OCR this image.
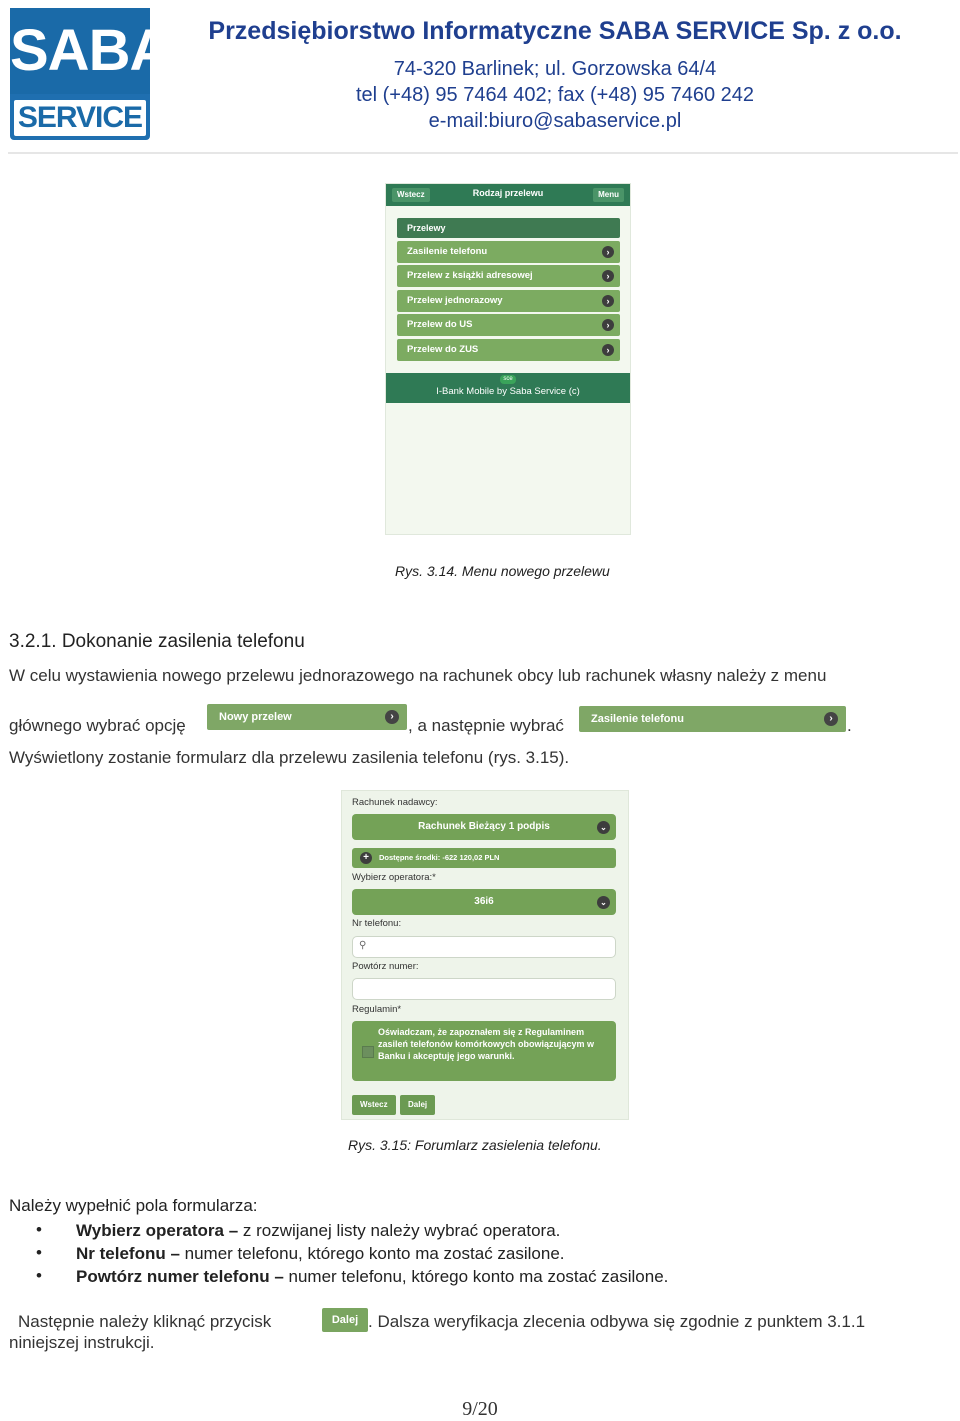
SABA
SERVICE
Przedsiębiorstwo Informatyczne SABA SERVICE Sp. z o.o.
74-320 Barlinek; ul. Gorzowska 64/4
tel (+48) 95 7464 402; fax (+48) 95 7460 242
e-mail:biuro@sabaservice.pl
Wstecz	Rodzaj przelewu	Menu
Przelewy
Zasilenie telefonu	›
Przelew z książki adresowej	›
Przelew jednorazowy	›
Przelew do US	›
Przelew do ZUS	›
sce
I-Bank Mobile by Saba Service (c)
Rys. 3.14. Menu nowego przelewu
3.2.1. Dokonanie zasilenia telefonu
W celu wystawienia nowego przelewu jednorazowego na rachunek obcy lub rachunek własny należy z menu
głównego wybrać opcję	Nowy przelew	› , a następnie wybrać	Zasilenie telefonu	› .
Wyświetlony zostanie formularz dla przelewu zasilenia telefonu (rys. 3.15).
Rachunek nadawcy:
Rachunek Bieżący 1 podpis	⌄
+	Dostępne środki: -622 120,02 PLN
Wybierz operatora:*
36i6	⌄
Nr telefonu:
⚲
Powtórz numer:
Regulamin*
Oświadczam, że zapoznałem się z Regulaminem zasileń telefonów komórkowych obowiązującym w Banku i akceptuję jego warunki.
Wstecz	Dalej
Rys. 3.15: Forumlarz zasielenia telefonu.
Należy wypełnić pola formularza:
• Wybierz operatora – z rozwijanej listy należy wybrać operatora.
• Nr telefonu – numer telefonu, którego konto ma zostać zasilone.
• Powtórz numer telefonu – numer telefonu, którego konto ma zostać zasilone.
Następnie należy kliknąć przycisk	Dalej . Dalsza weryfikacja zlecenia odbywa się zgodnie z punktem 3.1.1
niniejszej instrukcji.
9/20
